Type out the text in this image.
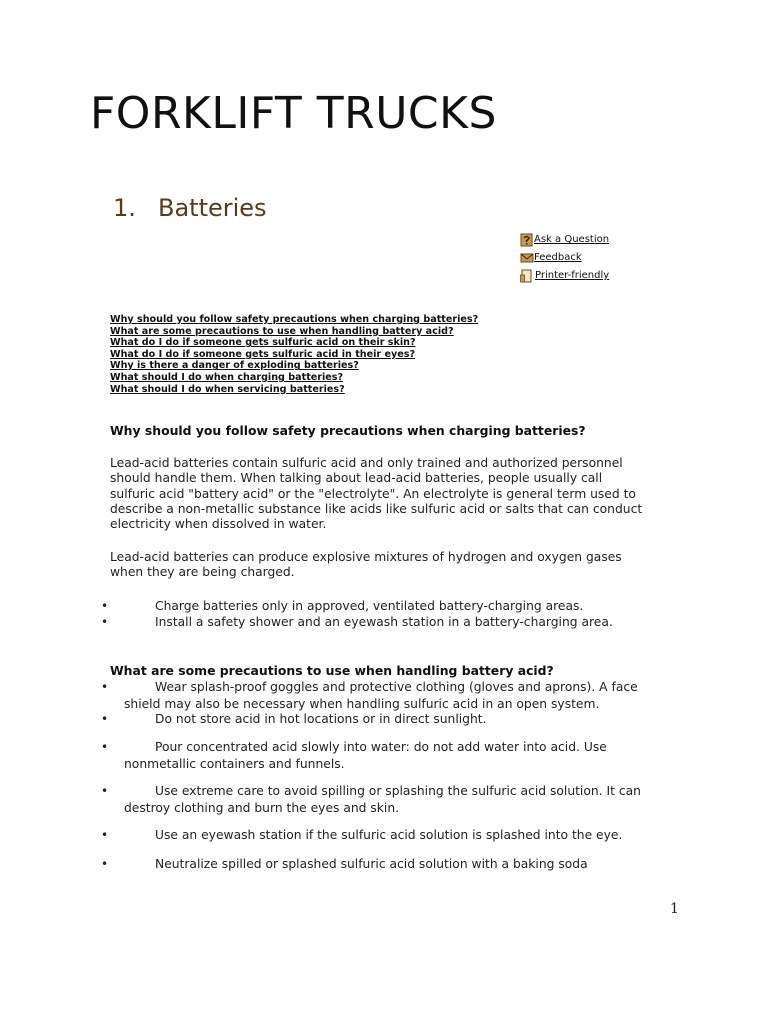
FORKLIFT TRUCKS
1. Batteries
Ask a Question
Feedback
Printer-friendly
Why should you follow safety precautions when charging batteries?
What are some precautions to use when handling battery acid?
What do I do if someone gets sulfuric acid on their skin?
What do I do if someone gets sulfuric acid in their eyes?
Why is there a danger of exploding batteries?
What should I do when charging batteries?
What should I do when servicing batteries?
Why should you follow safety precautions when charging batteries?
Lead-acid batteries contain sulfuric acid and only trained and authorized personnel should handle them. When talking about lead-acid batteries, people usually call sulfuric acid "battery acid" or the "electrolyte". An electrolyte is general term used to describe a non-metallic substance like acids like sulfuric acid or salts that can conduct electricity when dissolved in water.
Lead-acid batteries can produce explosive mixtures of hydrogen and oxygen gases when they are being charged.
•	Charge batteries only in approved, ventilated battery-charging areas.
•	Install a safety shower and an eyewash station in a battery-charging area.
What are some precautions to use when handling battery acid?
•	Wear splash-proof goggles and protective clothing (gloves and aprons). A face shield may also be necessary when handling sulfuric acid in an open system.
•	Do not store acid in hot locations or in direct sunlight.
•	Pour concentrated acid slowly into water: do not add water into acid. Use nonmetallic containers and funnels.
•	Use extreme care to avoid spilling or splashing the sulfuric acid solution. It can destroy clothing and burn the eyes and skin.
•	Use an eyewash station if the sulfuric acid solution is splashed into the eye.
•	Neutralize spilled or splashed sulfuric acid solution with a baking soda
1
